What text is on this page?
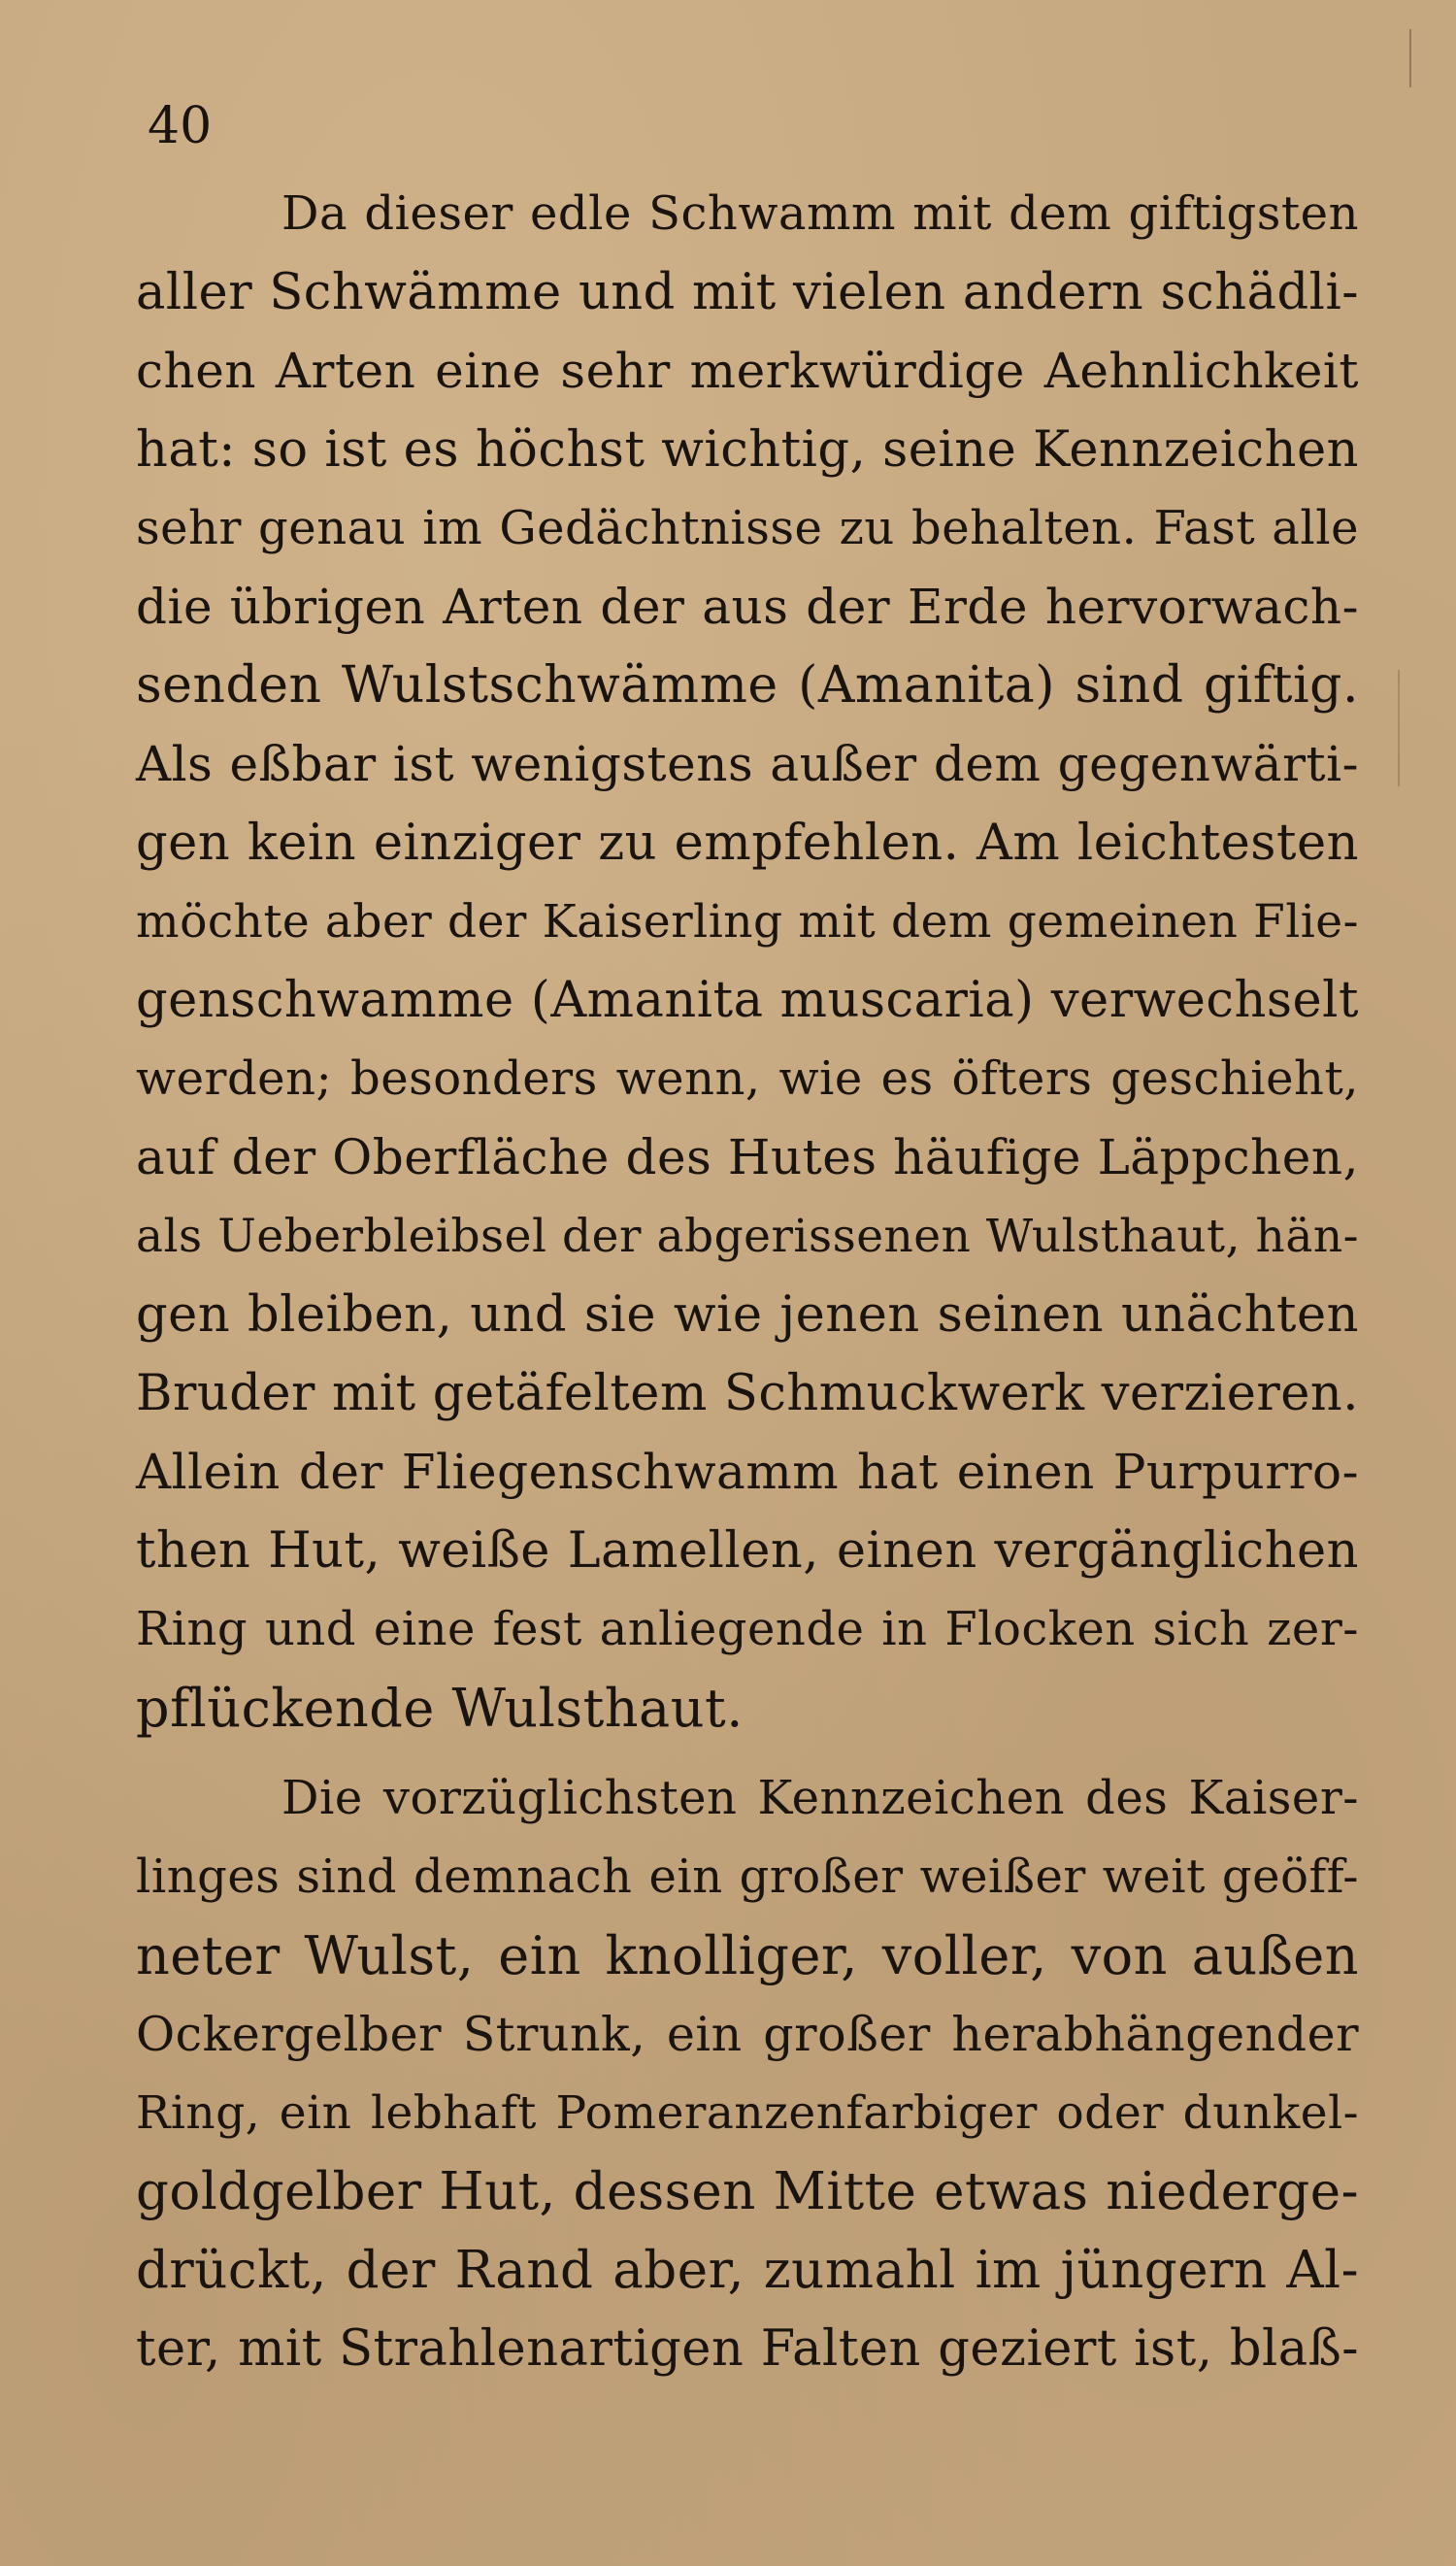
40
Da dieser edle Schwamm mit dem giftigsten
aller Schwämme und mit vielen andern schädli-
chen Arten eine sehr merkwürdige Aehnlichkeit
hat: so ist es höchst wichtig, seine Kennzeichen
sehr genau im Gedächtnisse zu behalten. Fast alle
die übrigen Arten der aus der Erde hervorwach-
senden Wulstschwämme (Amanita) sind giftig.
Als eßbar ist wenigstens außer dem gegenwärti-
gen kein einziger zu empfehlen. Am leichtesten
möchte aber der Kaiserling mit dem gemeinen Flie-
genschwamme (Amanita muscaria) verwechselt
werden; besonders wenn, wie es öfters geschieht,
auf der Oberfläche des Hutes häufige Läppchen,
als Ueberbleibsel der abgerissenen Wulsthaut, hän-
gen bleiben, und sie wie jenen seinen unächten
Bruder mit getäfeltem Schmuckwerk verzieren.
Allein der Fliegenschwamm hat einen Purpurro-
then Hut, weiße Lamellen, einen vergänglichen
Ring und eine fest anliegende in Flocken sich zer-
pflückende Wulsthaut.
Die vorzüglichsten Kennzeichen des Kaiser-
linges sind demnach ein großer weißer weit geöff-
neter Wulst, ein knolliger, voller, von außen
Ockergelber Strunk, ein großer herabhängender
Ring, ein lebhaft Pomeranzenfarbiger oder dunkel-
goldgelber Hut, dessen Mitte etwas niederge-
drückt, der Rand aber, zumahl im jüngern Al-
ter, mit Strahlenartigen Falten geziert ist, blaß-
